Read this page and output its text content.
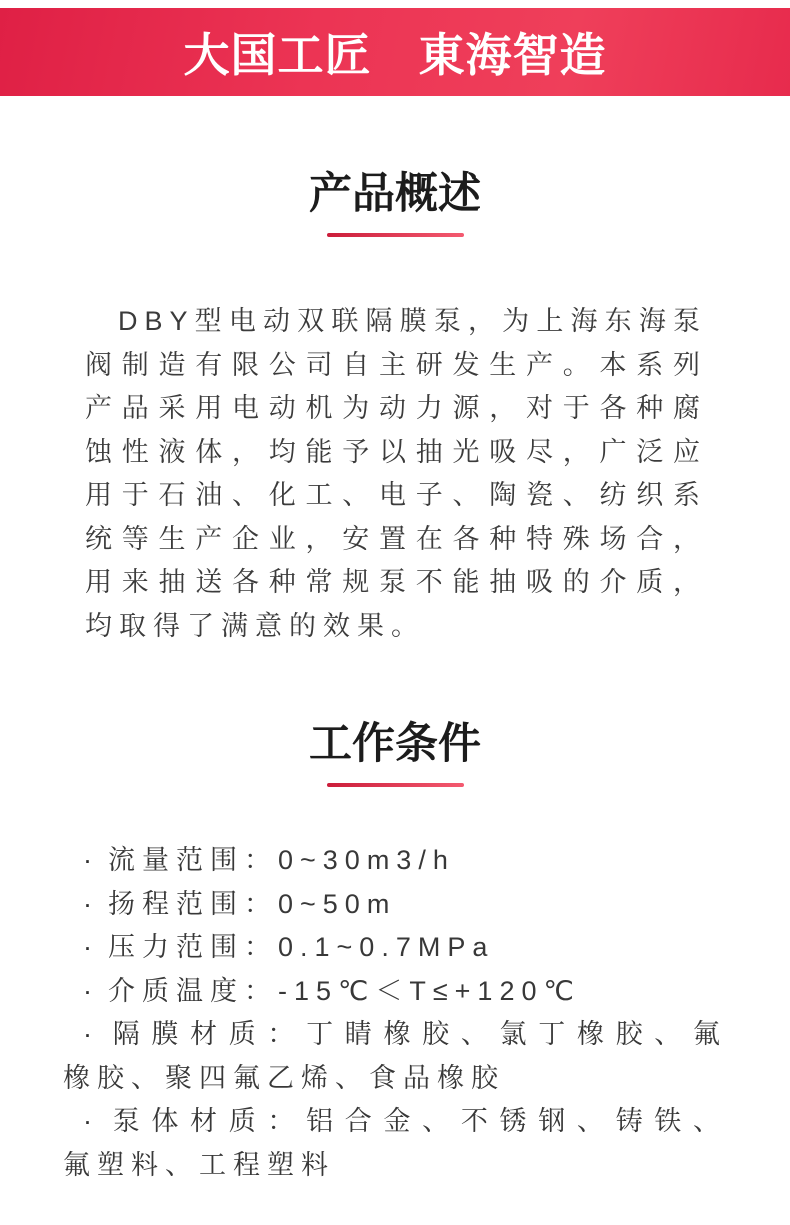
大国工匠　東海智造
产品概述
DBY型电动双联隔膜泵，为上海东海泵
阀制造有限公司自主研发生产。本系列
产品采用电动机为动力源，对于各种腐
蚀性液体，均能予以抽光吸尽，广泛应
用于石油、化工、电子、陶瓷、纺织系
统等生产企业，安置在各种特殊场合，
用来抽送各种常规泵不能抽吸的介质，
均取得了满意的效果。
工作条件
· 流量范围：0~30m3/h
· 扬程范围：0~50m
· 压力范围：0.1~0.7MPa
· 介质温度：-15℃＜T≤+120℃
· 隔膜材质：丁睛橡胶、氯丁橡胶、氟
橡胶、聚四氟乙烯、食品橡胶
· 泵体材质：铝合金、不锈钢、铸铁、
氟塑料、工程塑料
